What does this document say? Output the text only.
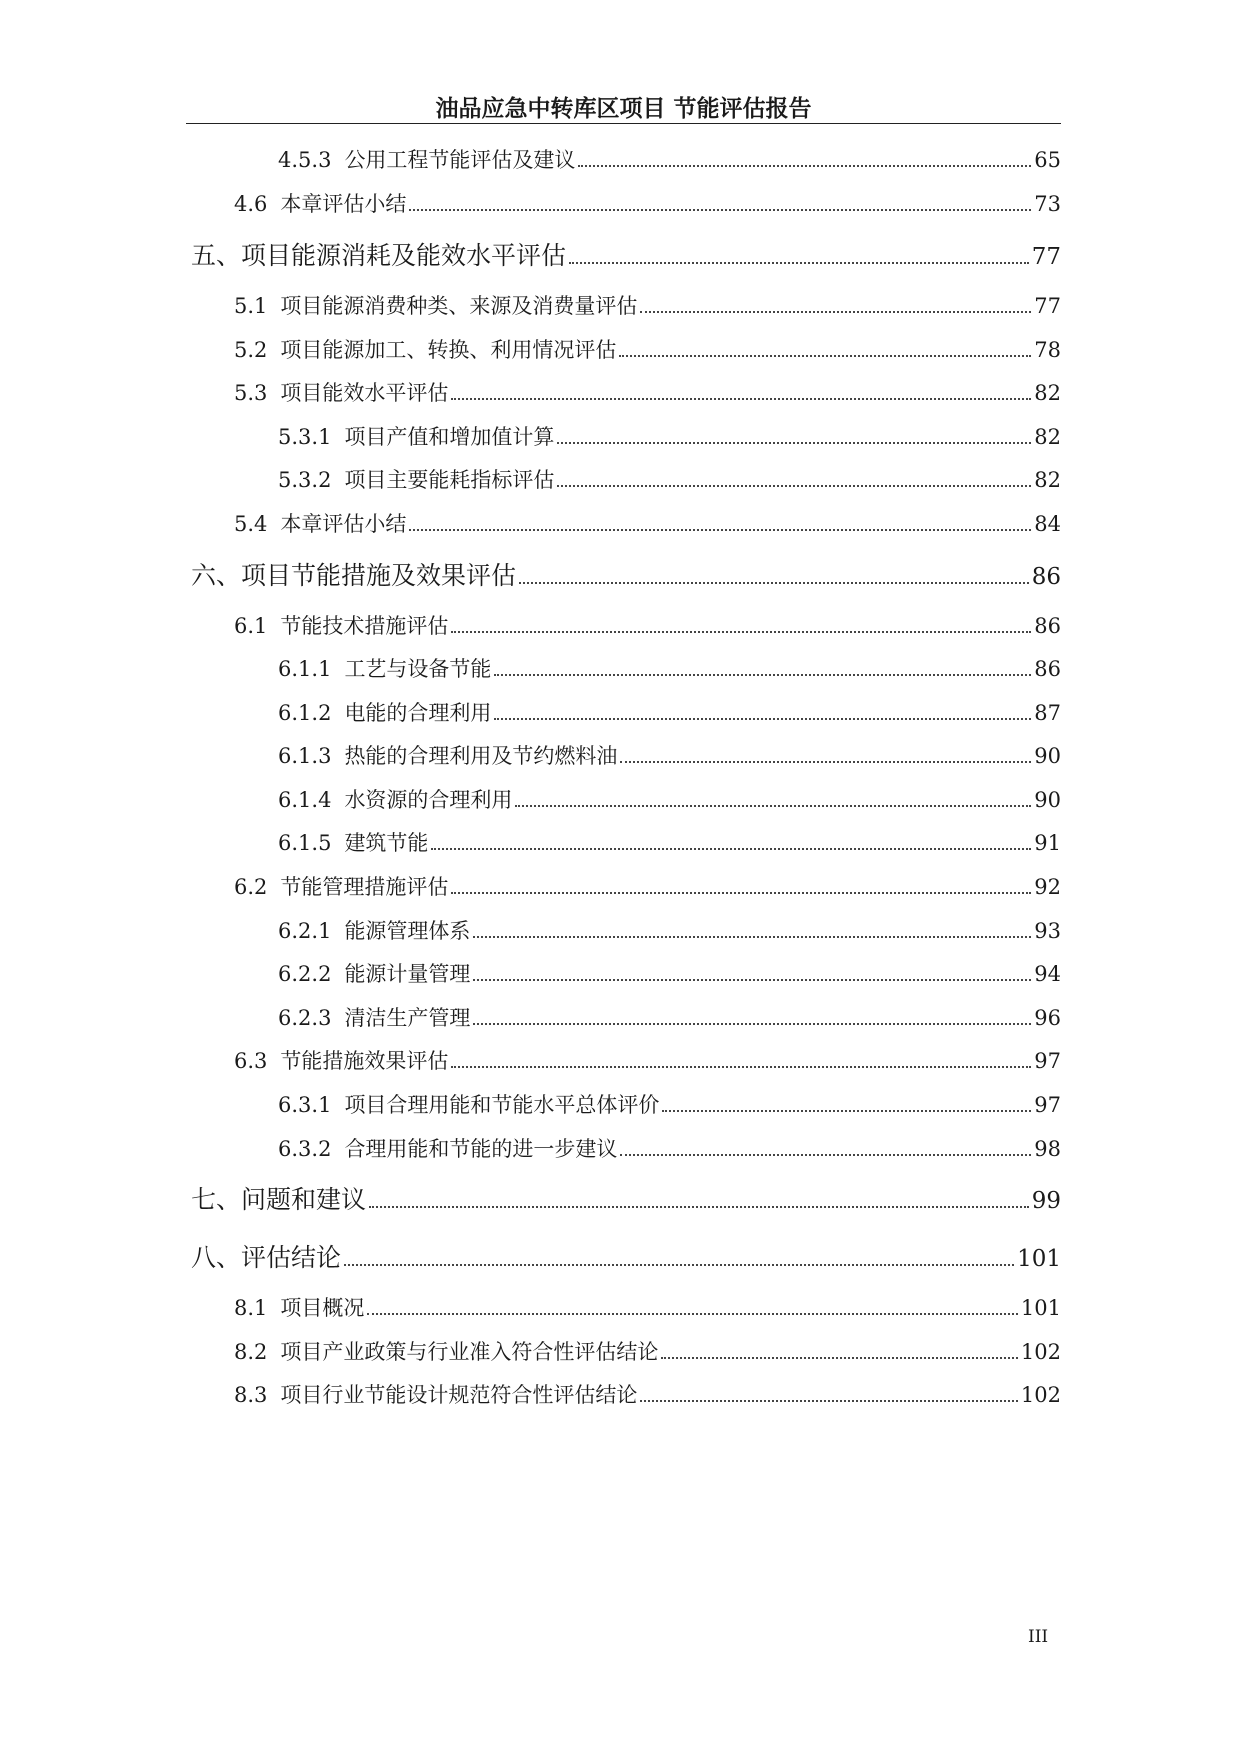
油品应急中转库区项目 节能评估报告
4.5.3 公用工程节能评估及建议	65
4.6 本章评估小结	73
五、 项目能源消耗及能效水平评估	77
5.1 项目能源消费种类、来源及消费量评估	77
5.2 项目能源加工、转换、利用情况评估	78
5.3 项目能效水平评估	82
5.3.1 项目产值和增加值计算	82
5.3.2 项目主要能耗指标评估	82
5.4 本章评估小结	84
六、 项目节能措施及效果评估	86
6.1 节能技术措施评估	86
6.1.1 工艺与设备节能	86
6.1.2 电能的合理利用	87
6.1.3 热能的合理利用及节约燃料油	90
6.1.4 水资源的合理利用	90
6.1.5 建筑节能	91
6.2 节能管理措施评估	92
6.2.1 能源管理体系	93
6.2.2 能源计量管理	94
6.2.3 清洁生产管理	96
6.3 节能措施效果评估	97
6.3.1 项目合理用能和节能水平总体评价	97
6.3.2 合理用能和节能的进一步建议	98
七、 问题和建议	99
八、 评估结论	101
8.1 项目概况	101
8.2 项目产业政策与行业准入符合性评估结论	102
8.3 项目行业节能设计规范符合性评估结论	102
III
